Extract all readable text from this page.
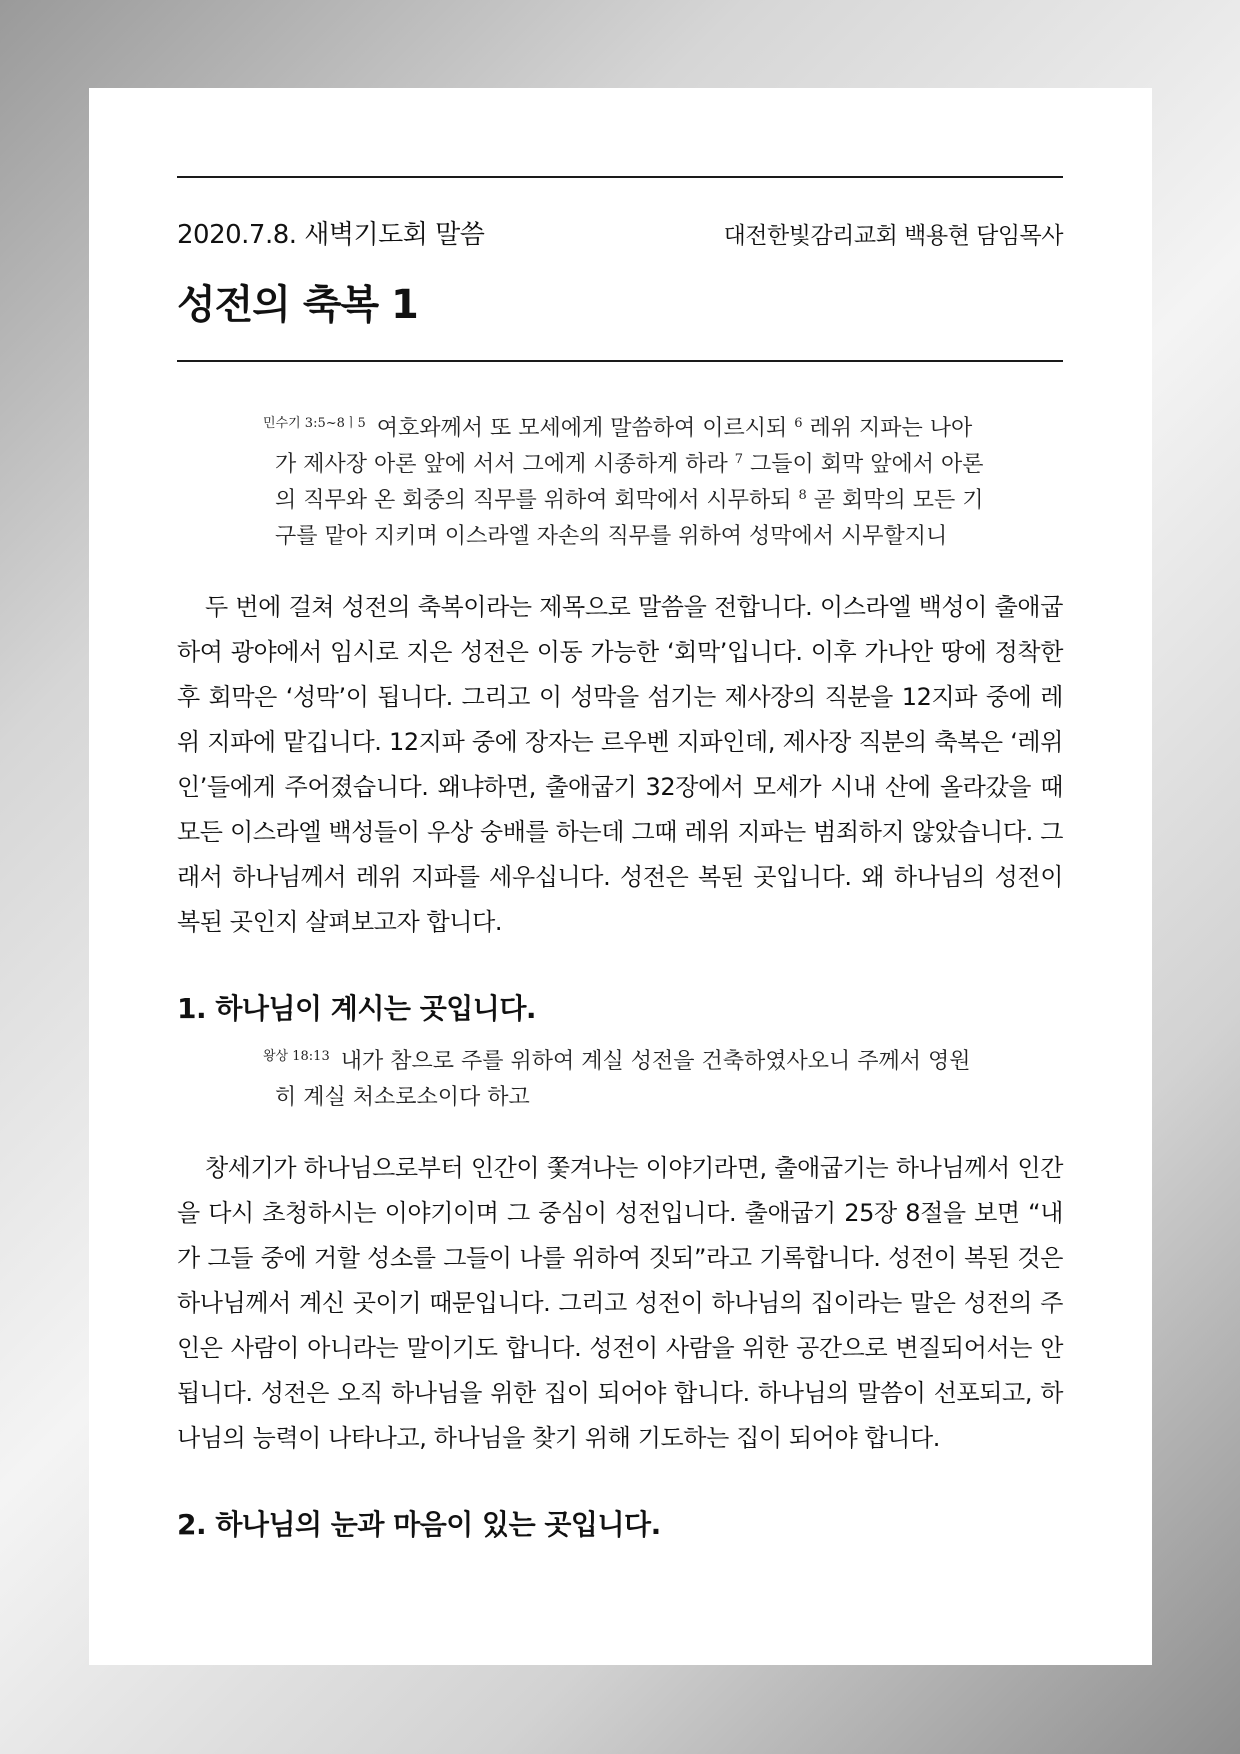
2020.7.8. 새벽기도회 말씀	대전한빛감리교회 백용현 담임목사
성전의 축복 1
$^{민수기 3:5\sim 8ㅣ5}$ 여호와께서 또 모세에게 말씀하여 이르시되 $^6$ 레위 지파는 나아가 제사장 아론 앞에 서서 그에게 시종하게 하라 $^7$ 그들이 회막 앞에서 아론의 직무와 온 회중의 직무를 위하여 회막에서 시무하되 $^8$ 곧 회막의 모든 기구를 맡아 지키며 이스라엘 자손의 직무를 위하여 성막에서 시무할지니

두 번에 걸쳐 성전의 축복이라는 제목으로 말씀을 전합니다. 이스라엘 백성이 출애굽 하여 광야에서 임시로 지은 성전은 이동 가능한 ‘회막’입니다. 이후 가나안 땅에 정착한 후 회막은 ‘성막’이 됩니다. 그리고 이 성막을 섬기는 제사장의 직분을 12지파 중에 레위 지파에 맡깁니다. 12지파 중에 장자는 르우벤 지파인데, 제사장 직분의 축복은 ‘레위인’들에게 주어졌습니다. 왜냐하면, 출애굽기 32장에서 모세가 시내 산에 올라갔을 때 모든 이스라엘 백성들이 우상 숭배를 하는데 그때 레위 지파는 범죄하지 않았습니다. 그래서 하나님께서 레위 지파를 세우십니다. 성전은 복된 곳입니다. 왜 하나님의 성전이 복된 곳인지 살펴보고자 합니다.

1. 하나님이 계시는 곳입니다.
$^{왕상 18:13}$ 내가 참으로 주를 위하여 계실 성전을 건축하였사오니 주께서 영원히 계실 처소로소이다 하고

창세기가 하나님으로부터 인간이 쫓겨나는 이야기라면, 출애굽기는 하나님께서 인간을 다시 초청하시는 이야기이며 그 중심이 성전입니다. 출애굽기 25장 8절을 보면 “내가 그들 중에 거할 성소를 그들이 나를 위하여 짓되”라고 기록합니다. 성전이 복된 것은 하나님께서 계신 곳이기 때문입니다. 그리고 성전이 하나님의 집이라는 말은 성전의 주인은 사람이 아니라는 말이기도 합니다. 성전이 사람을 위한 공간으로 변질되어서는 안 됩니다. 성전은 오직 하나님을 위한 집이 되어야 합니다. 하나님의 말씀이 선포되고, 하나님의 능력이 나타나고, 하나님을 찾기 위해 기도하는 집이 되어야 합니다.

2. 하나님의 눈과 마음이 있는 곳입니다.
